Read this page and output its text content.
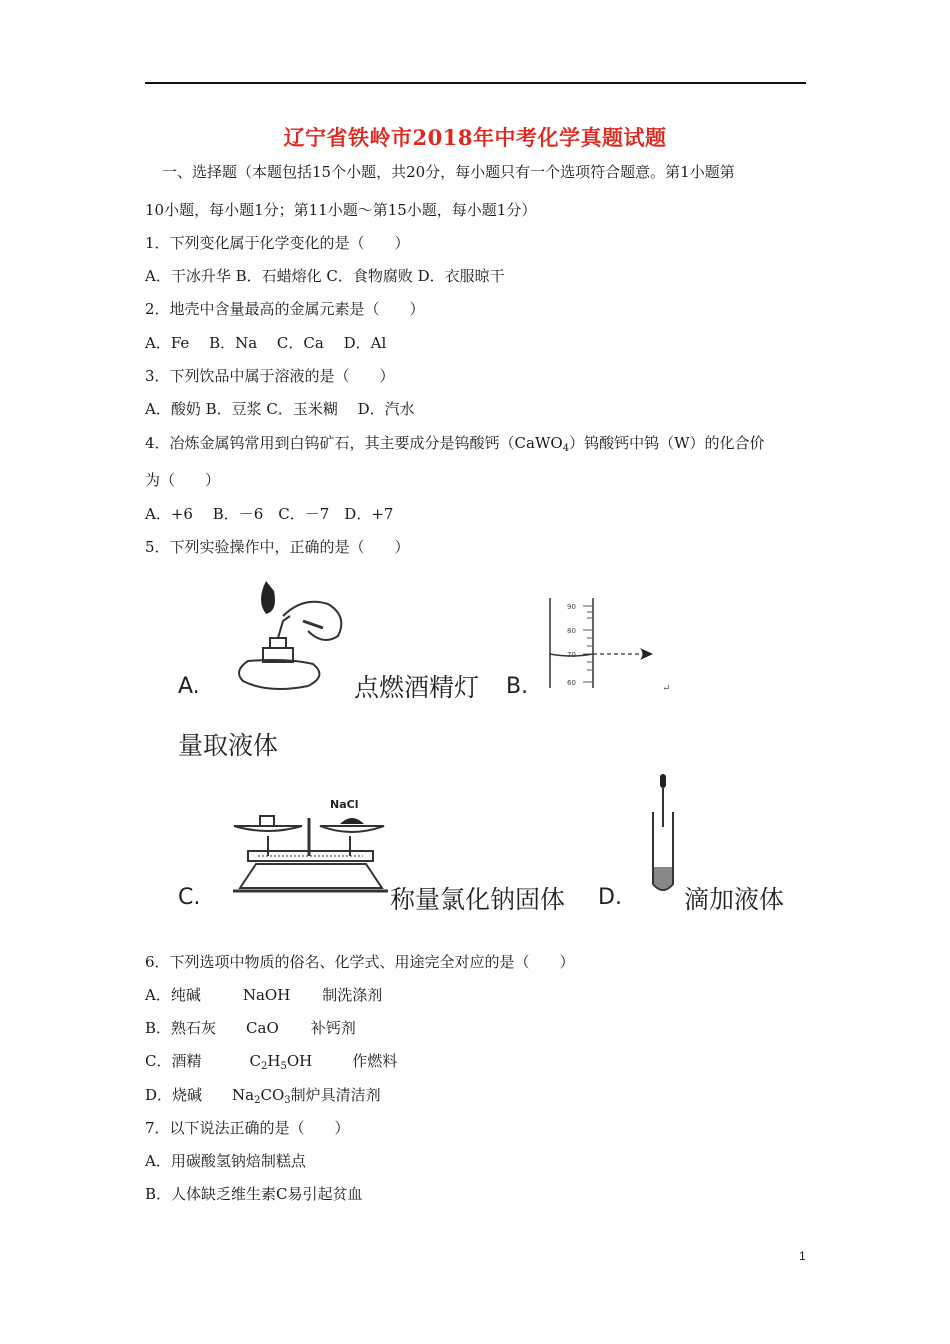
辽宁省铁岭市2018年中考化学真题试题
一、选择题（本题包括15个小题，共20分，每小题只有一个选项符合题意。第1小题第
10小题，每小题1分；第11小题～第15小题，每小题1分）
1．下列变化属于化学变化的是（　　）
A．干冰升华 B．石蜡熔化 C．食物腐败 D．衣服晾干
2．地壳中含量最高的金属元素是（　　）
A．Fe　 B．Na　 C．Ca　 D．Al
3．下列饮品中属于溶液的是（　　）
A．酸奶 B．豆浆 C．玉米糊　 D．汽水
4．冶炼金属钨常用到白钨矿石，其主要成分是钨酸钙（CaWO$_4$）钨酸钙中钨（W）的化合价
为（　　）
A．+6　 B．－6　C．－7　D．+7
5．下列实验操作中，正确的是（　　）
A.	点燃酒精灯 B.
90
80
70
60	↵
量取液体
NaCl
C.	称量氯化钠固体 D. 滴加液体
6．下列选项中物质的俗名、化学式、用途完全对应的是（　　）
A．纯碱	NaOH 制洗涤剂
B．熟石灰 CaO 补钙剂
C．酒精	$C_2H_5OH$	作燃料
D．烧碱 $Na_2CO_3$制炉具清洁剂
7．以下说法正确的是（　　）
A．用碳酸氢钠焙制糕点
B．人体缺乏维生素C易引起贫血
1
